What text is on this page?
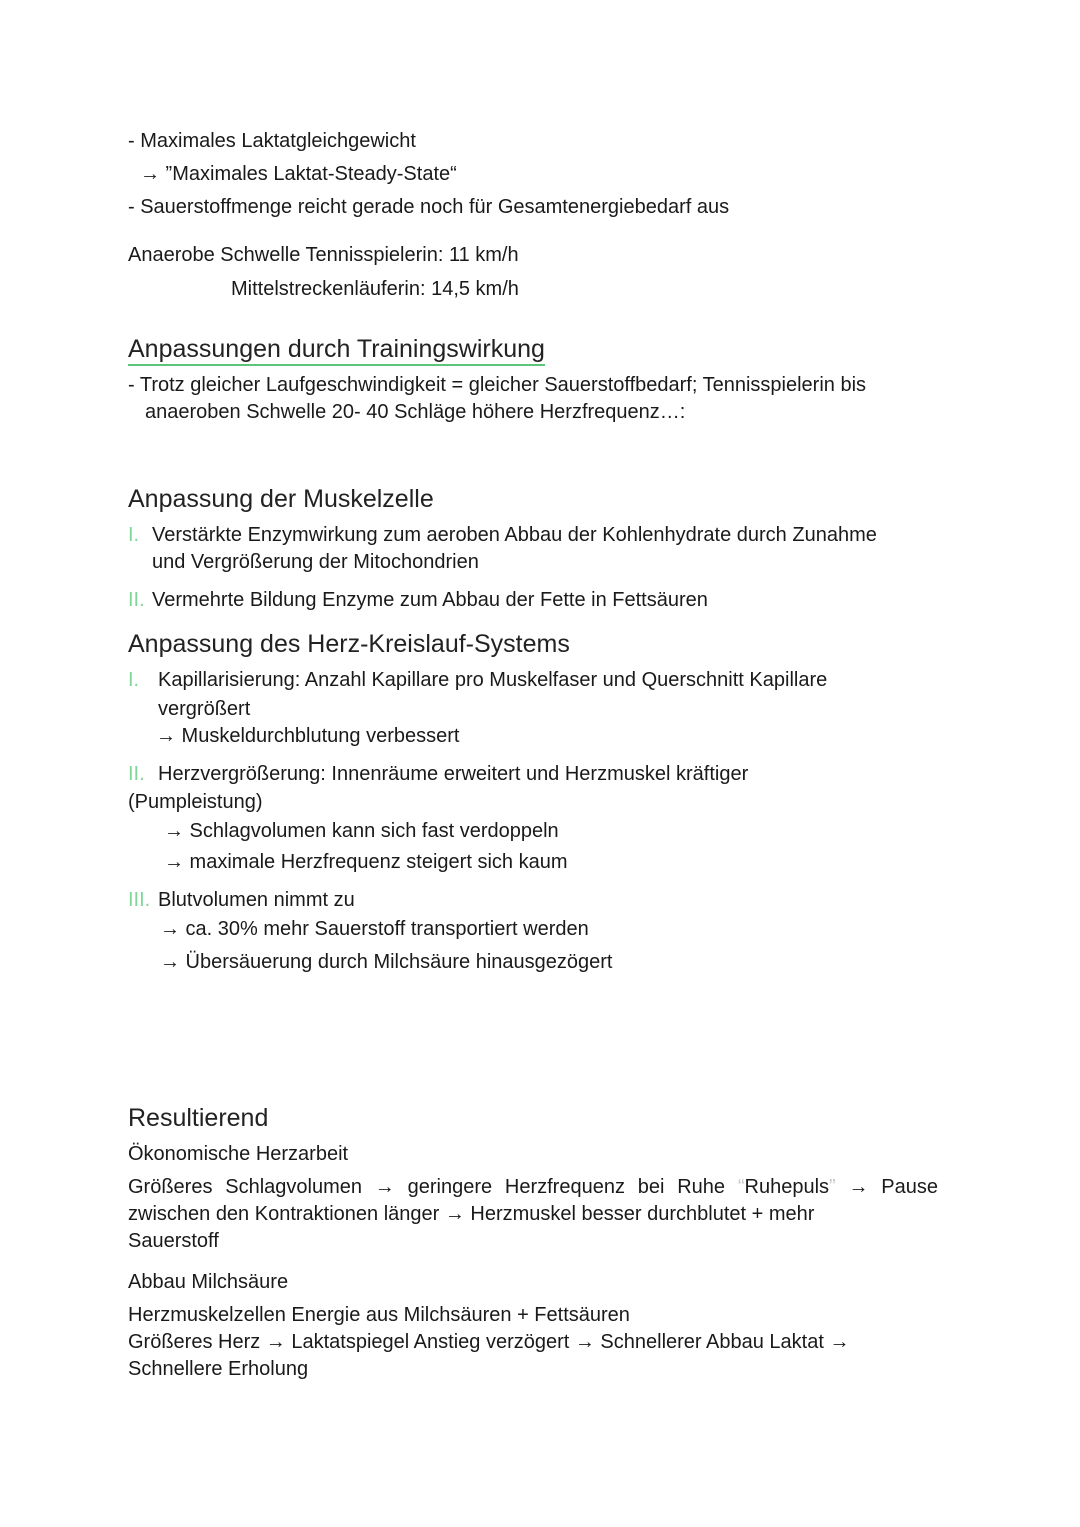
- Maximales Laktatgleichgewicht
→ ”Maximales Laktat-Steady-State“
- Sauerstoffmenge reicht gerade noch für Gesamtenergiebedarf aus
Anaerobe Schwelle Tennisspielerin: 11 km/h
Mittelstreckenläuferin: 14,5 km/h
Anpassungen durch Trainingswirkung
- Trotz gleicher Laufgeschwindigkeit = gleicher Sauerstoffbedarf; Tennisspielerin bis
anaeroben Schwelle 20- 40 Schläge höhere Herzfrequenz…:
Anpassung der Muskelzelle
I. Verstärkte Enzymwirkung zum aeroben Abbau der Kohlenhydrate durch Zunahme
und Vergrößerung der Mitochondrien
II. Vermehrte Bildung Enzyme zum Abbau der Fette in Fettsäuren
Anpassung des Herz-Kreislauf-Systems
I. Kapillarisierung: Anzahl Kapillare pro Muskelfaser und Querschnitt Kapillare
vergrößert
→ Muskeldurchblutung verbessert
II. Herzvergrößerung: Innenräume erweitert und Herzmuskel kräftiger
(Pumpleistung)
→ Schlagvolumen kann sich fast verdoppeln
→ maximale Herzfrequenz steigert sich kaum
III. Blutvolumen nimmt zu
→ ca. 30% mehr Sauerstoff transportiert werden
→ Übersäuerung durch Milchsäure hinausgezögert
Resultierend
Ökonomische Herzarbeit
Größeres Schlagvolumen → geringere Herzfrequenz bei Ruhe “Ruhepuls” → Pause
zwischen den Kontraktionen länger → Herzmuskel besser durchblutet + mehr
Sauerstoff
Abbau Milchsäure
Herzmuskelzellen Energie aus Milchsäuren + Fettsäuren
Größeres Herz → Laktatspiegel Anstieg verzögert → Schnellerer Abbau Laktat →
Schnellere Erholung
